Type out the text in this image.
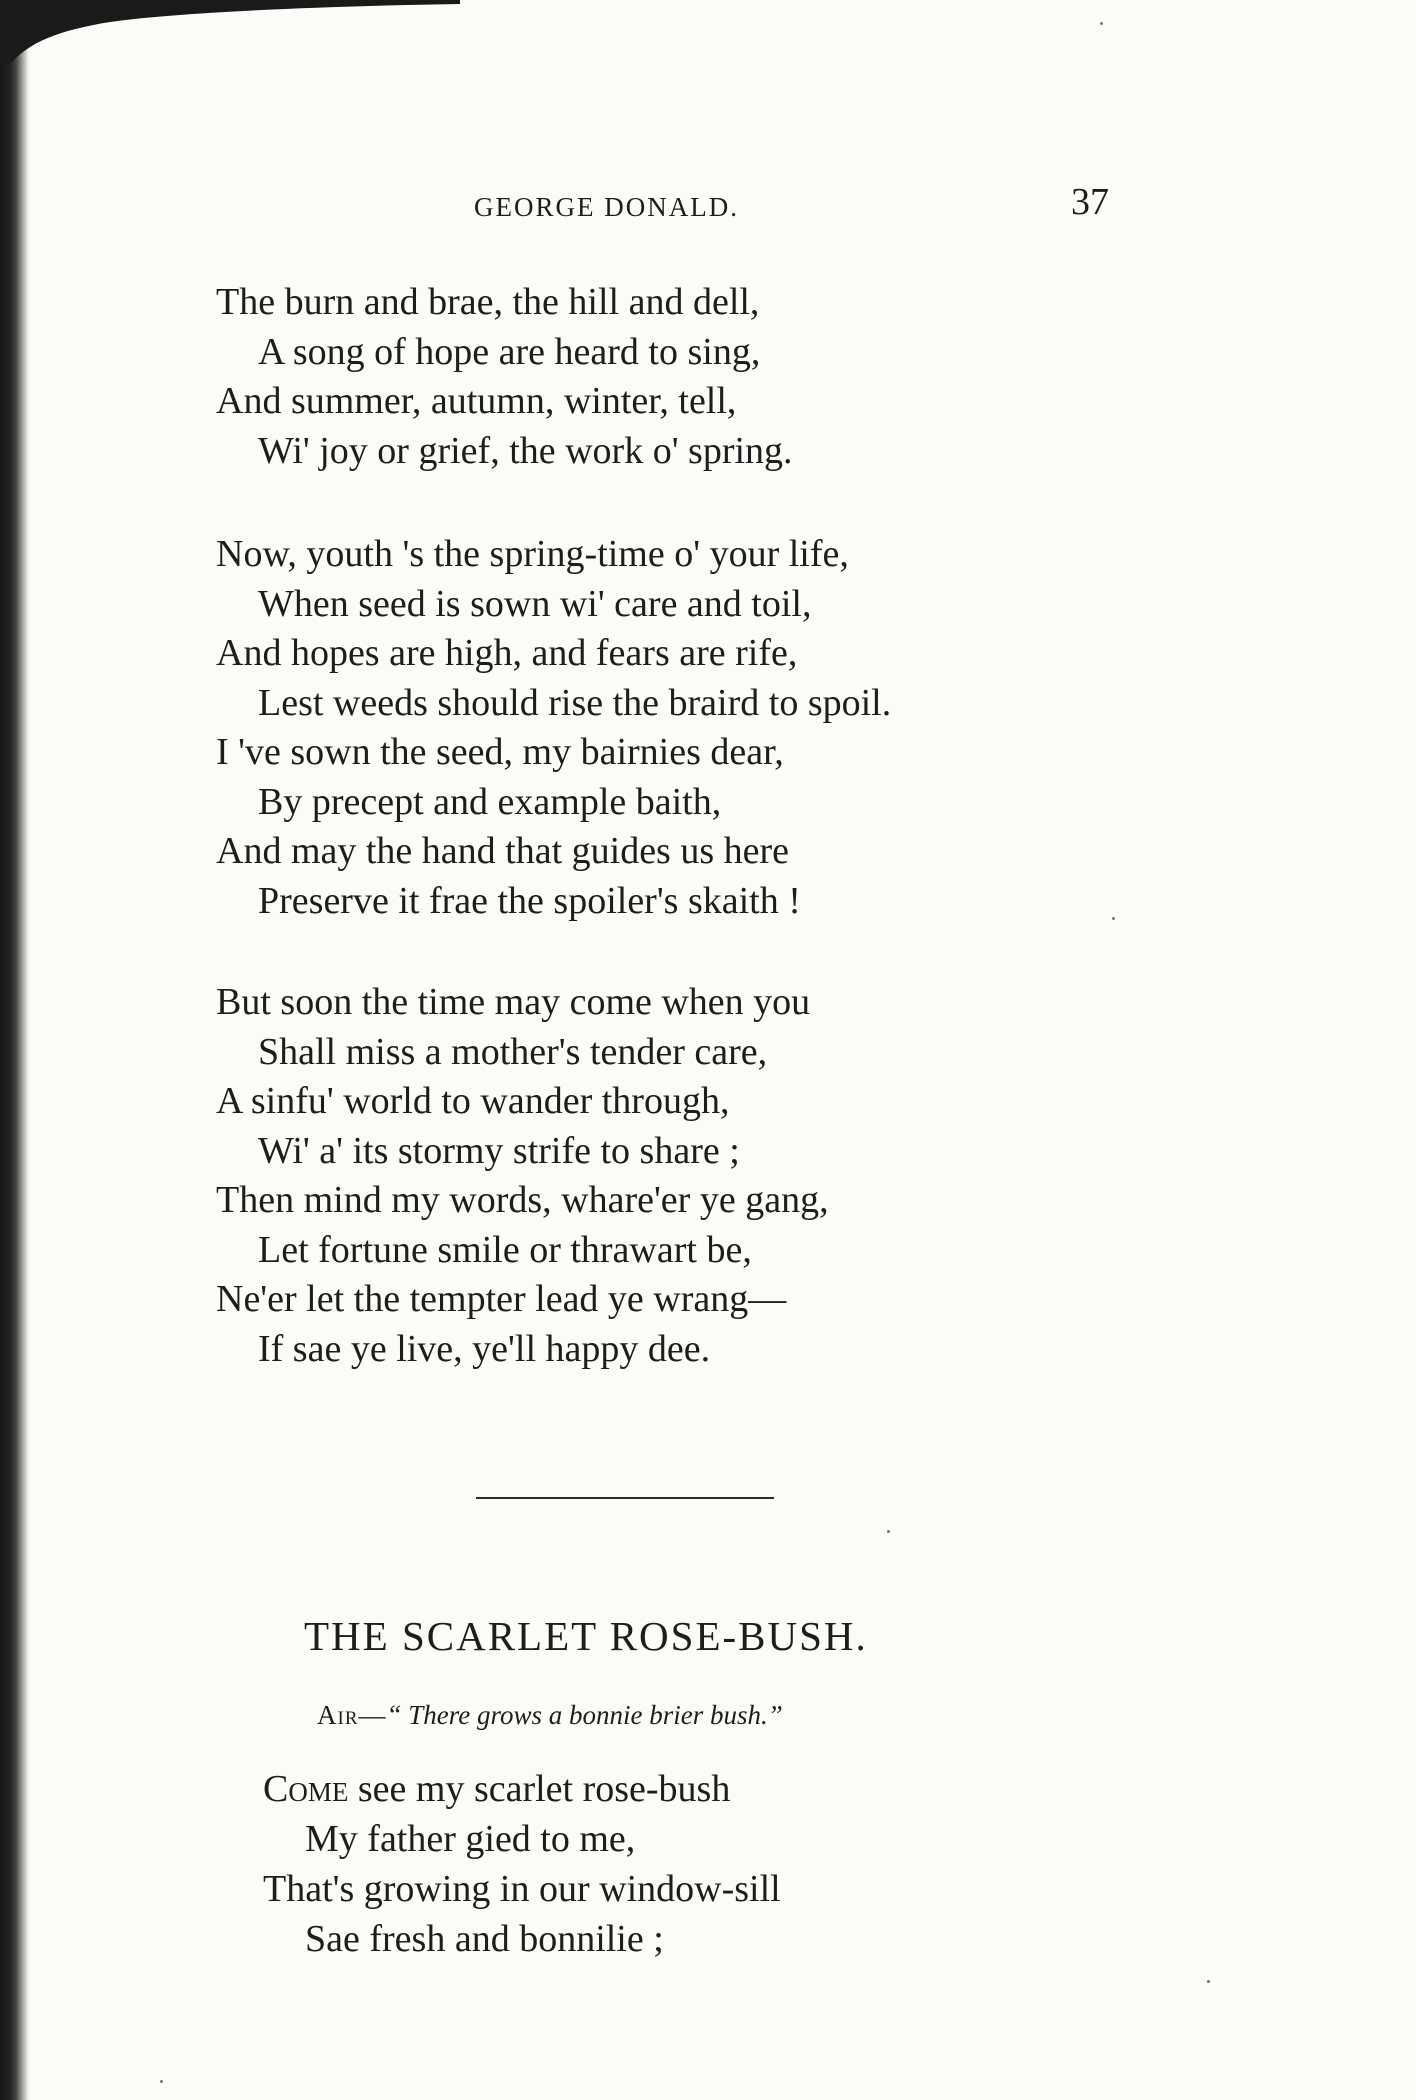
GEORGE DONALD.	37
The burn and brae, the hill and dell,
A song of hope are heard to sing,
And summer, autumn, winter, tell,
Wi' joy or grief, the work o' spring.
Now, youth 's the spring-time o' your life,
When seed is sown wi' care and toil,
And hopes are high, and fears are rife,
Lest weeds should rise the braird to spoil.
I 've sown the seed, my bairnies dear,
By precept and example baith,
And may the hand that guides us here
Preserve it frae the spoiler's skaith !
But soon the time may come when you
Shall miss a mother's tender care,
A sinfu' world to wander through,
Wi' a' its stormy strife to share ;
Then mind my words, whare'er ye gang,
Let fortune smile or thrawart be,
Ne'er let the tempter lead ye wrang—
If sae ye live, ye'll happy dee.
THE SCARLET ROSE-BUSH.
Air—“ There grows a bonnie brier bush.”
Come see my scarlet rose-bush
My father gied to me,
That's growing in our window-sill
Sae fresh and bonnilie ;
